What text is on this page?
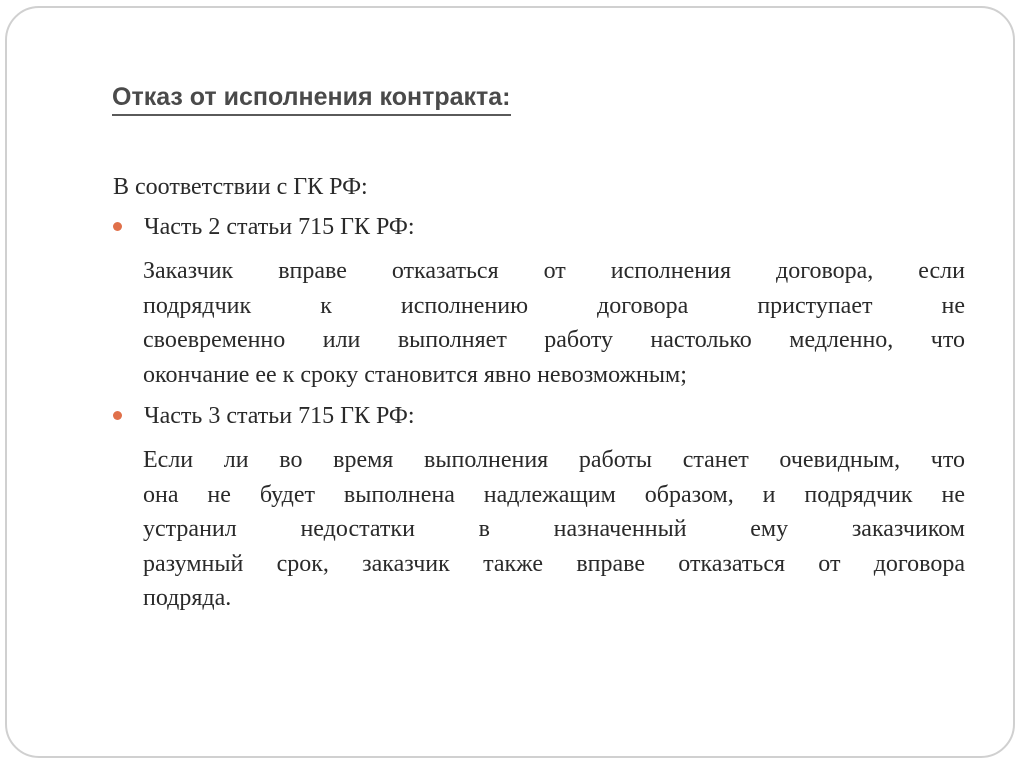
Отказ от исполнения контракта:
В соответствии с ГК РФ:
Часть 2 статьи 715 ГК РФ:
Заказчик вправе отказаться от исполнения договора, если
подрядчик к исполнению договора приступает не
своевременно или выполняет работу настолько медленно, что
окончание ее к сроку становится явно невозможным;
Часть 3 статьи 715 ГК РФ:
Если ли во время выполнения работы станет очевидным, что
она не будет выполнена надлежащим образом, и подрядчик не
устранил недостатки в назначенный ему заказчиком
разумный срок, заказчик также вправе отказаться от договора
подряда.
